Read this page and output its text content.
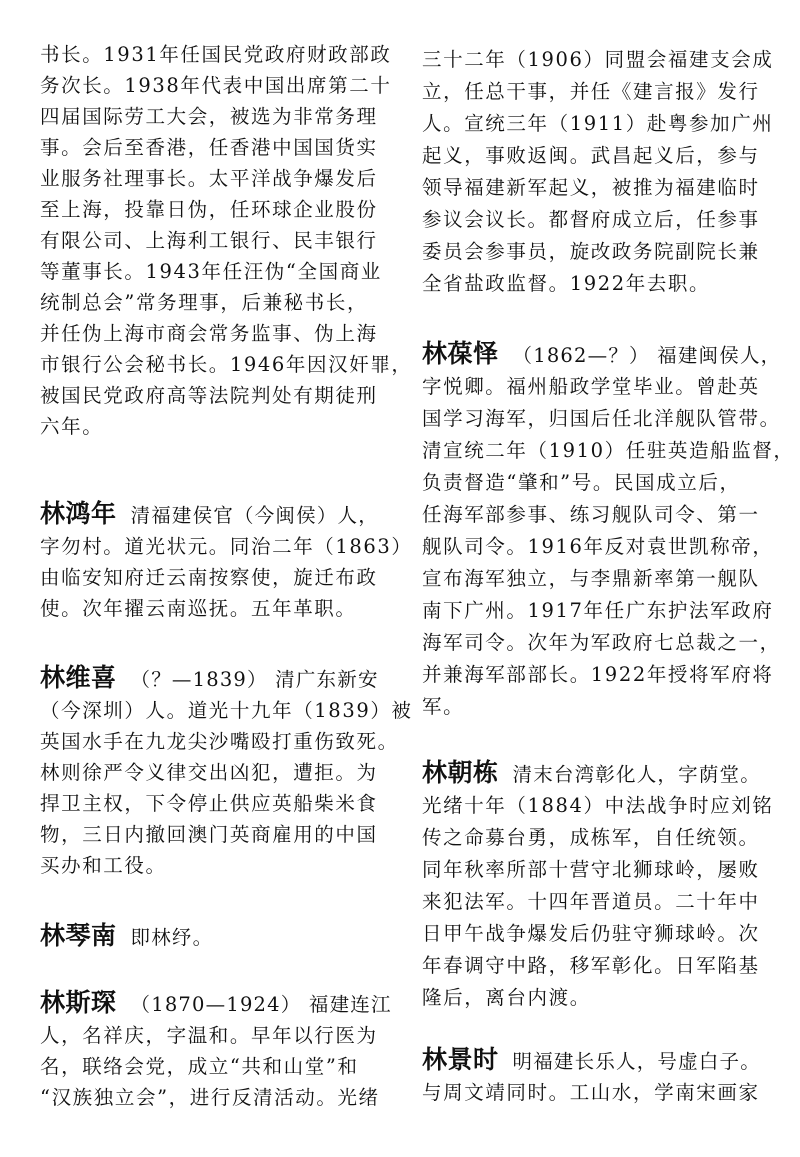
书长。1931年任国民党政府财政部政
务次长。1938年代表中国出席第二十
四届国际劳工大会，被选为非常务理
事。会后至香港，任香港中国国货实
业服务社理事长。太平洋战争爆发后
至上海，投靠日伪，任环球企业股份
有限公司、上海利工银行、民丰银行
等董事长。1943年任汪伪“全国商业
统制总会”常务理事，后兼秘书长，
并任伪上海市商会常务监事、伪上海
市银行公会秘书长。1946年因汉奸罪，
被国民党政府高等法院判处有期徒刑
六年。
林鸿年 清福建侯官（今闽侯）人，
字勿村。道光状元。同治二年（1863）
由临安知府迁云南按察使，旋迁布政
使。次年擢云南巡抚。五年革职。
林维喜 （？—1839） 清广东新安
（今深圳）人。道光十九年（1839）被
英国水手在九龙尖沙嘴殴打重伤致死。
林则徐严令义律交出凶犯，遭拒。为
捍卫主权，下令停止供应英船柴米食
物，三日内撤回澳门英商雇用的中国
买办和工役。
林琴南 即林纾。
林斯琛 （1870—1924） 福建连江
人，名祥庆，字温和。早年以行医为
名，联络会党，成立“共和山堂”和
“汉族独立会”，进行反清活动。光绪
三十二年（1906）同盟会福建支会成
立，任总干事，并任《建言报》发行
人。宣统三年（1911）赴粤参加广州
起义，事败返闽。武昌起义后，参与
领导福建新军起义，被推为福建临时
参议会议长。都督府成立后，任参事
委员会参事员，旋改政务院副院长兼
全省盐政监督。1922年去职。
林葆怿 （1862—？） 福建闽侯人，
字悦卿。福州船政学堂毕业。曾赴英
国学习海军，归国后任北洋舰队管带。
清宣统二年（1910）任驻英造船监督，
负责督造“肇和”号。民国成立后，
任海军部参事、练习舰队司令、第一
舰队司令。1916年反对袁世凯称帝，
宣布海军独立，与李鼎新率第一舰队
南下广州。1917年任广东护法军政府
海军司令。次年为军政府七总裁之一，
并兼海军部部长。1922年授将军府将
军。
林朝栋 清末台湾彰化人，字荫堂。
光绪十年（1884）中法战争时应刘铭
传之命募台勇，成栋军，自任统领。
同年秋率所部十营守北狮球岭，屡败
来犯法军。十四年晋道员。二十年中
日甲午战争爆发后仍驻守狮球岭。次
年春调守中路，移军彰化。日军陷基
隆后，离台内渡。
林景时 明福建长乐人，号虚白子。
与周文靖同时。工山水，学南宋画家
